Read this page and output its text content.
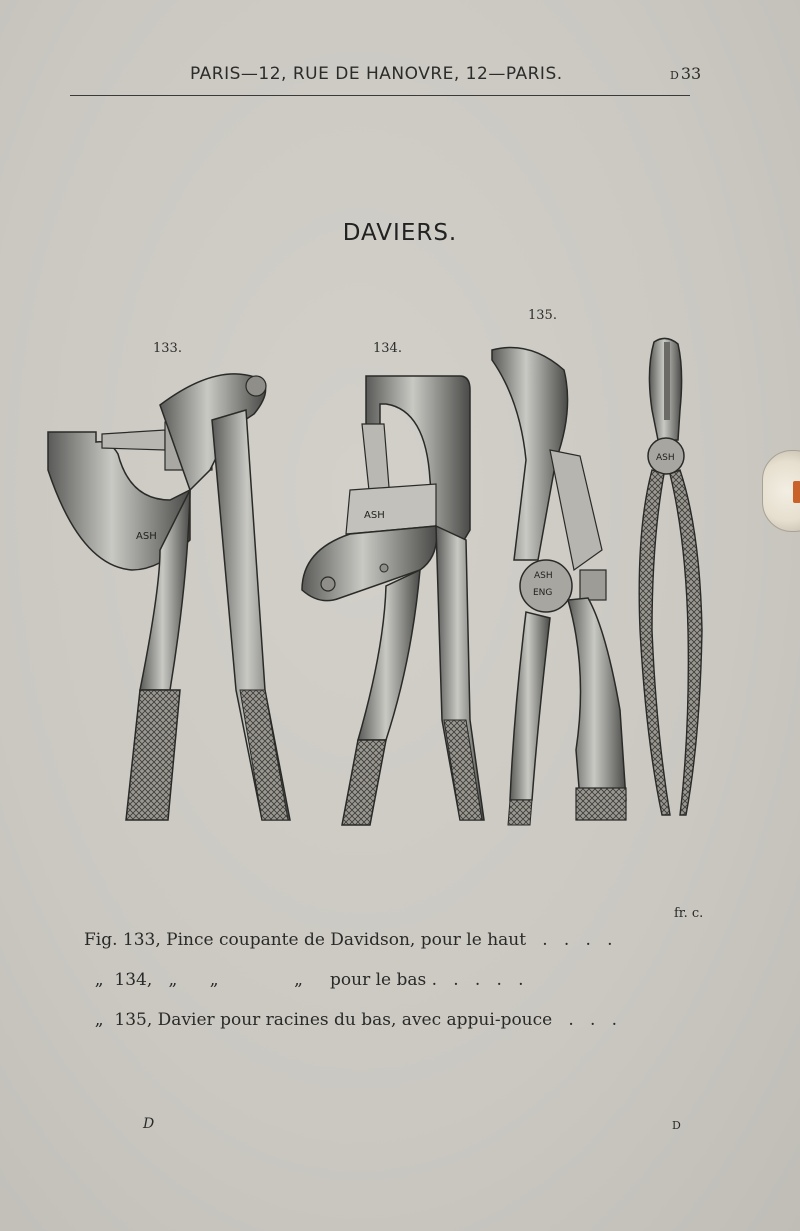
PARIS—12, RUE DE HANOVRE, 12—PARIS.	D 33
DAVIERS.
133.	134.
135.
ASH
ASH
ASH
ENG
ASH
fr. c.
Fig. 133, Pince coupante de Davidson, pour le haut   .   .   .   .
„  134,   „      „              „     pour le bas .   .   .   .   .
„  135, Davier pour racines du bas, avec appui-pouce   .   .   .
D	D
